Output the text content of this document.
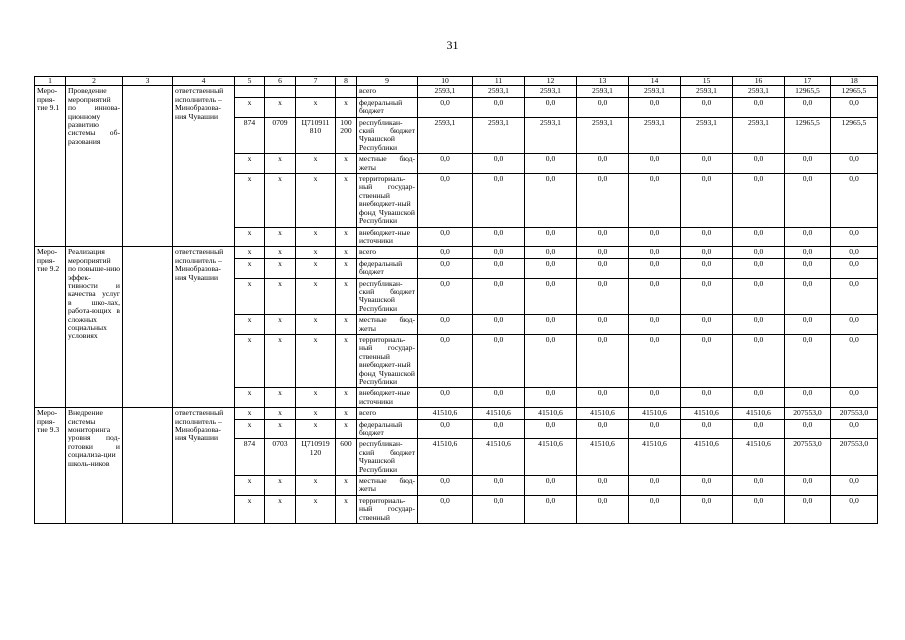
31
1	2	3	4	5	6	7	8	9	10	11	12	13	14	15	16	17	18
Меро-прия-тие 9.1	Проведение мероприятий по иннова-ционному развитию системы об-разования		ответственный исполнитель – Минобразова-ния Чувашии					всего	2593,1	2593,1	2593,1	2593,1	2593,1	2593,1	2593,1	12965,5	12965,5
				x	x	x	x	федеральный бюджет	0,0	0,0	0,0	0,0	0,0	0,0	0,0	0,0	0,0
				874	0709	Ц710911 810	100 200	республикан-ский бюджет Чувашской Республики	2593,1	2593,1	2593,1	2593,1	2593,1	2593,1	2593,1	12965,5	12965,5
				x	x	x	x	местные бюд-жеты	0,0	0,0	0,0	0,0	0,0	0,0	0,0	0,0	0,0
				x	x	x	x	территориаль-ный государ-ственный внебюджет-ный фонд Чувашской Республики	0,0	0,0	0,0	0,0	0,0	0,0	0,0	0,0	0,0
				x	x	x	x	внебюджет-ные источники	0,0	0,0	0,0	0,0	0,0	0,0	0,0	0,0	0,0
Меро-прия-тие 9.2	Реализация мероприятий по повыше-нию эффек-тивности и качества услуг в шко-лах, работа-ющих в сложных социальных условиях		ответственный исполнитель – Минобразова-ния Чувашии	x	x	x	x	всего	0,0	0,0	0,0	0,0	0,0	0,0	0,0	0,0	0,0
				x	x	x	x	федеральный бюджет	0,0	0,0	0,0	0,0	0,0	0,0	0,0	0,0	0,0
				x	x	x	x	республикан-ский бюджет Чувашской Республики	0,0	0,0	0,0	0,0	0,0	0,0	0,0	0,0	0,0
				x	x	x	x	местные бюд-жеты	0,0	0,0	0,0	0,0	0,0	0,0	0,0	0,0	0,0
				x	x	x	x	территориаль-ный государ-ственный внебюджет-ный фонд Чувашской Республики	0,0	0,0	0,0	0,0	0,0	0,0	0,0	0,0	0,0
				x	x	x	x	внебюджет-ные источники	0,0	0,0	0,0	0,0	0,0	0,0	0,0	0,0	0,0
Меро-прия-тие 9.3	Внедрение системы мониторинга уровня под-готовки и социализа-ции школь-ников		ответственный исполнитель – Минобразова-ния Чувашии	x	x	x	x	всего	41510,6	41510,6	41510,6	41510,6	41510,6	41510,6	41510,6	207553,0	207553,0
				x	x	x	x	федеральный бюджет	0,0	0,0	0,0	0,0	0,0	0,0	0,0	0,0	0,0
				874	0703	Ц710919 120	600	республикан-ский бюджет Чувашской Республики	41510,6	41510,6	41510,6	41510,6	41510,6	41510,6	41510,6	207553,0	207553,0
				x	x	x	x	местные бюд-жеты	0,0	0,0	0,0	0,0	0,0	0,0	0,0	0,0	0,0
				x	x	x	x	территориаль-ный государ-ственный	0,0	0,0	0,0	0,0	0,0	0,0	0,0	0,0	0,0
